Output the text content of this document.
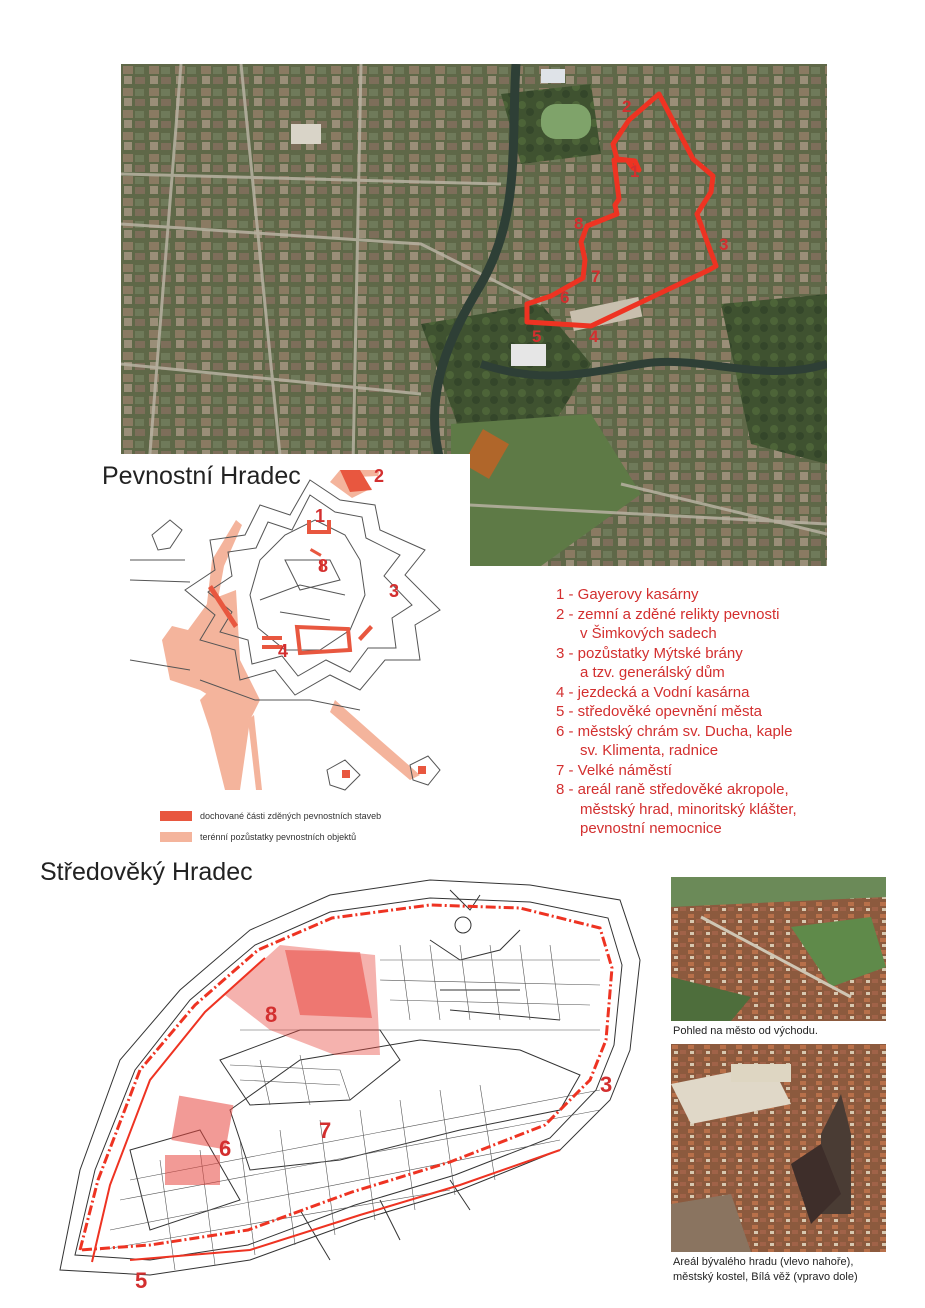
1
2
3
4
5
6
7
8
1
2
3
4
8
Pevnostní Hradec
dochované části zděných pevnostních staveb
terénní pozůstatky pevnostních objektů
1 - Gayerovy kasárny
2 - zemní a zděné relikty pevnosti
v Šimkových sadech
3 - pozůstatky Mýtské brány
a tzv. generálský dům
4 - jezdecká a Vodní kasárna
5 - středověké opevnění města
6 - městský chrám sv. Ducha, kaple
sv. Klimenta, radnice
7 - Velké náměstí
8 - areál raně středověké akropole,
městský hrad, minoritský klášter,
pevnostní nemocnice
Středověký Hradec
3
5
6
7
8
Pohled na město od východu.
Areál bývalého hradu (vlevo nahoře),
městský kostel, Bílá věž (vpravo dole)
